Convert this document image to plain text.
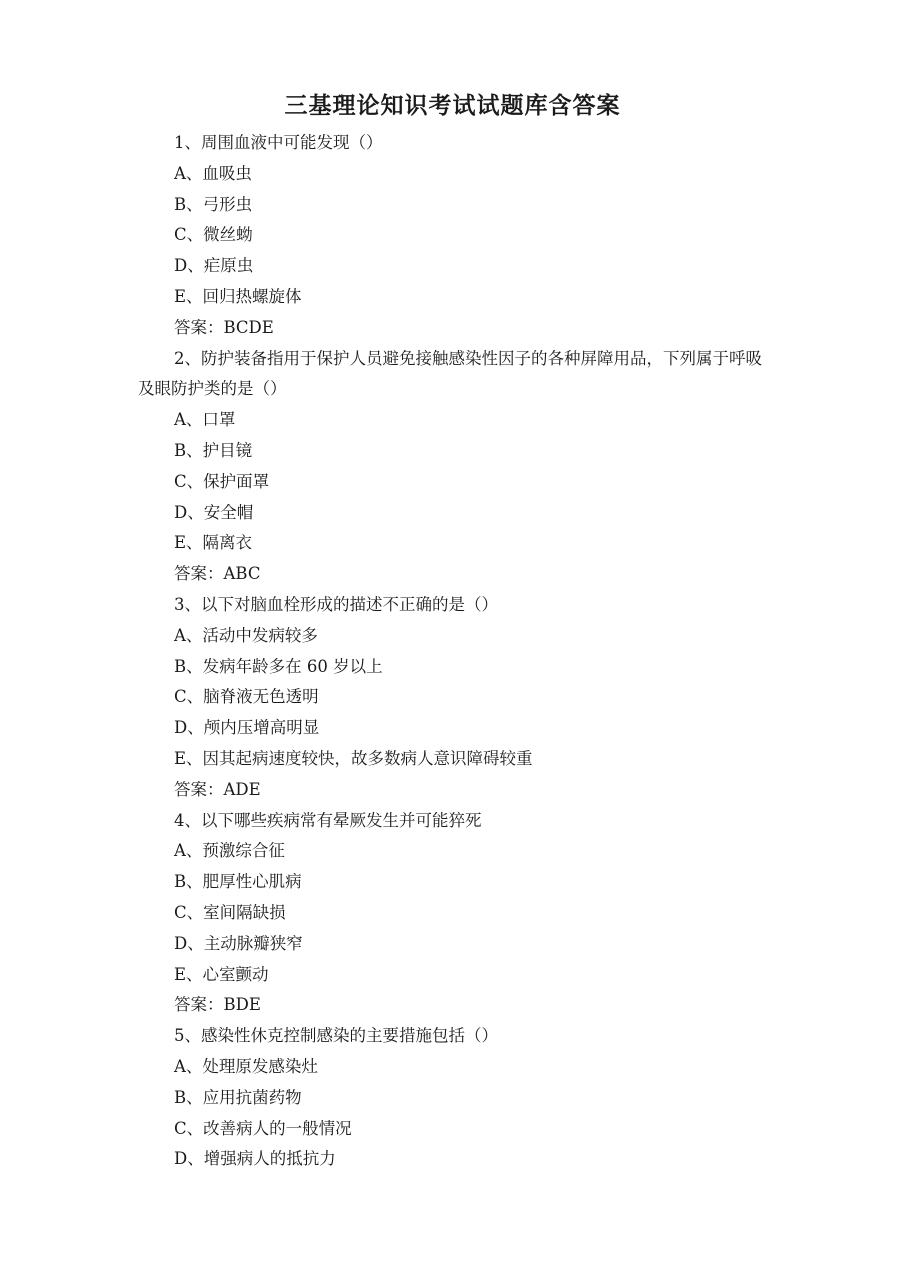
三基理论知识考试试题库含答案
1、周围血液中可能发现（）
A、血吸虫
B、弓形虫
C、微丝蚴
D、疟原虫
E、回归热螺旋体
答案：BCDE
2、防护装备指用于保护人员避免接触感染性因子的各种屏障用品，下列属于呼吸及眼防护类的是（）
A、口罩
B、护目镜
C、保护面罩
D、安全帽
E、隔离衣
答案：ABC
3、以下对脑血栓形成的描述不正确的是（）
A、活动中发病较多
B、发病年龄多在 60 岁以上
C、脑脊液无色透明
D、颅内压增高明显
E、因其起病速度较快，故多数病人意识障碍较重
答案：ADE
4、以下哪些疾病常有晕厥发生并可能猝死
A、预激综合征
B、肥厚性心肌病
C、室间隔缺损
D、主动脉瓣狭窄
E、心室颤动
答案：BDE
5、感染性休克控制感染的主要措施包括（）
A、处理原发感染灶
B、应用抗菌药物
C、改善病人的一般情况
D、增强病人的抵抗力
